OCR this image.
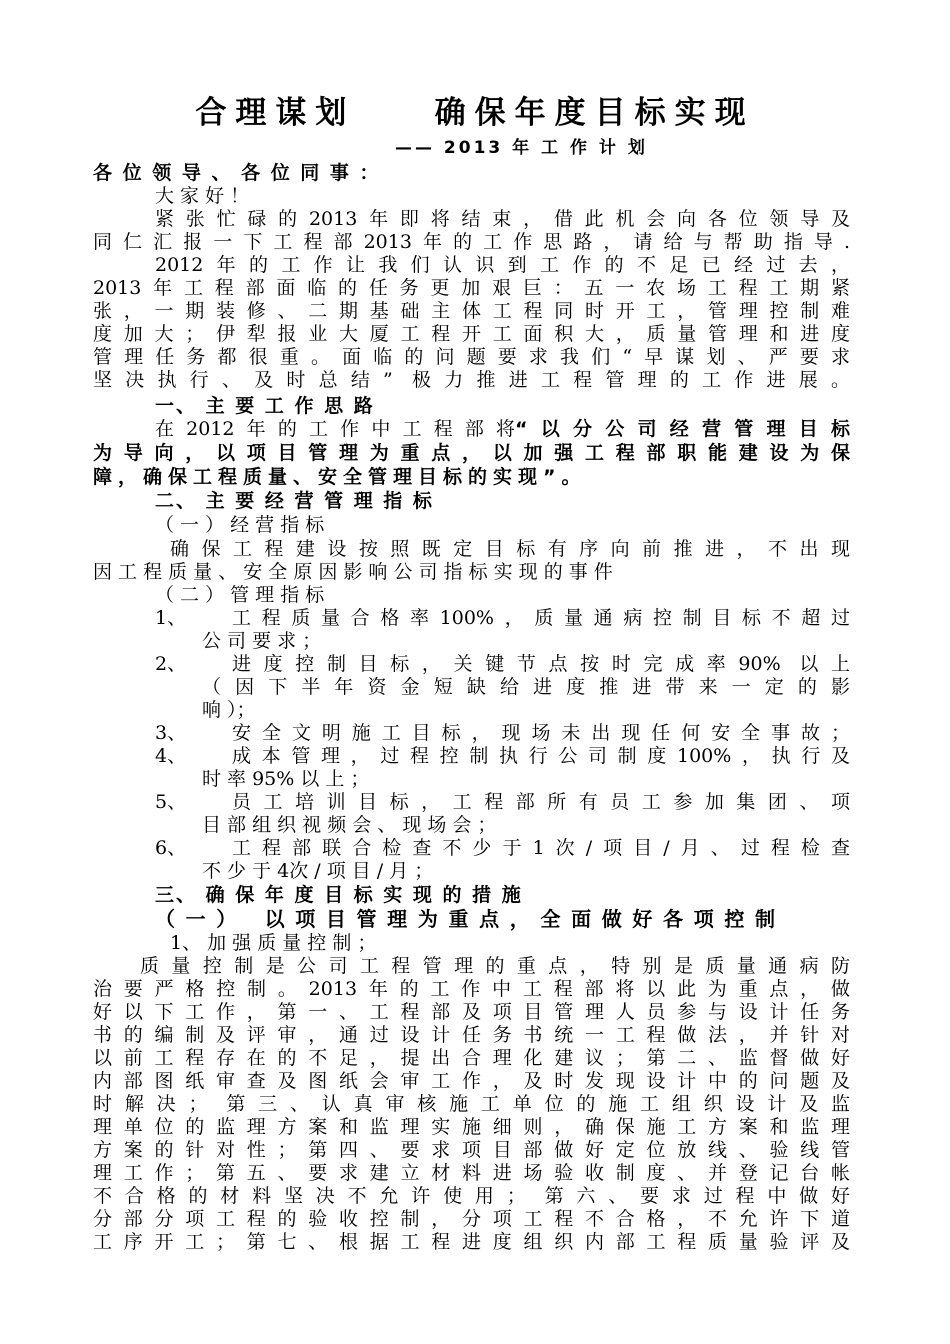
合理谋划    确保年度目标实现
—— 2013 年 工 作 计 划
各 位 领 导 、 各 位 同 事 ：
大 家 好 ！
紧张忙碌的2013年即将结束，借此机会向各位领导及
同仁汇报一下工程部2013年的工作思路，请给与帮助指导.
2012年的工作让我们认识到工作的不足已经过去，
2013年工程部面临的任务更加艰巨：五一农场工程工期紧
张，一期装修、二期基础主体工程同时开工，管理控制难
度加大；伊犁报业大厦工程开工面积大，质量管理和进度
管理任务都很重。面临的问题要求我们“早谋划、严要求
坚决执行、及时总结” 极力推进工程管理的工作进展。
一、 主 要 工 作 思 路
在2012年的工作中工程部将 “以分公司经营管理目标
为导向，以项目管理为重点，以加强工程部职能建设为保
障，确保工程质量、安全管理目标的实现”。
二、 主 要 经 营 管 理 指 标
（ 一 ） 经 营 指 标
确保工程建设按照既定目标有序向前推进，不出现
因 工 程 质 量 、 安 全 原 因 影 响 公 司 指 标 实 现 的 事 件
（ 二 ） 管 理 指 标
1、 工程质量合格率100%，质量通病控制目标不超过
公 司 要 求 ；
2、 进度控制目标，关键节点按时完成率90% 以上
（因下半年资金短缺给进度推进带来一定的影
响 ）；
3、 安全文明施工目标，现场未出现任何安全事故；
4、 成本管理，过程控制执行公司制度100%，执行及
时 率 95% 以 上 ；
5、 员工培训目标，工程部所有员工参加集团、项
目 部 组 织 视 频 会 、 现 场 会 ；
6、 工程部联合检查不少于1次/项目/月、过程检查
不 少 于 4次 / 项 目 / 月 ；
三、 确 保 年 度 目 标 实 现 的 措 施
（一） 以项目管理为重点，全面做好各项控制
1、 加 强 质 量 控 制 ；
质量控制是公司工程管理的重点，特别是质量通病防
治要严格控制。2013年的工作中工程部将以此为重点，做
好以下工作，第一、工程部及项目管理人员参与设计任务
书的编制及评审，通过设计任务书统一工程做法，并针对
以前工程存在的不足，提出合理化建议；第二、监督做好
内部图纸审查及图纸会审工作，及时发现设计中的问题及
时解决； 第三、认真审核施工单位的施工组织设计及监
理单位的监理方案和监理实施细则，确保施工方案和监理
方案的针对性；第四、要求项目部做好定位放线、验线管
理工作；第五、要求建立材料进场验收制度、并登记台帐
不合格的材料坚决不允许使用； 第六、要求过程中做好
分部分项工程的验收控制，分项工程不合格，不允许下道
工序开工；第七、根据工程进度组织内部工程质量验评及
